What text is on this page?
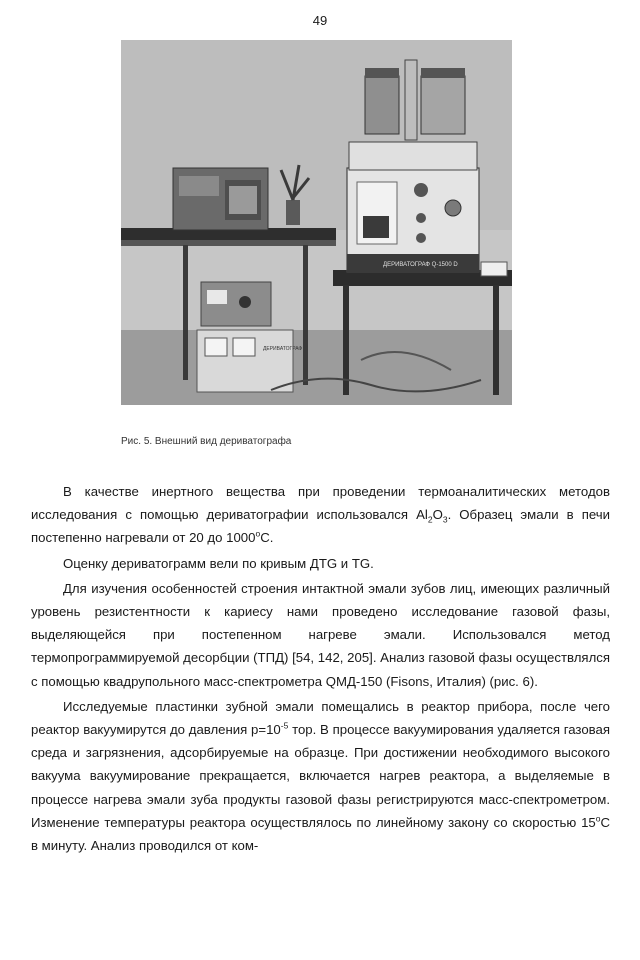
49
ДЕРИВАТОГРАФ
ДЕРИВАТОГРАФ Q-1500 D
Рис. 5. Внешний вид дериватографа

В качестве инертного вещества при проведении термоаналитических методов исследования с помощью дериватографии использовался $Al_2O_3$. Образец эмали в печи постепенно нагревали от 20 до 1000$^o$С.

Оценку дериватограмм вели по кривым ДTG и TG.

Для изучения особенностей строения интактной эмали зубов лиц, имеющих различный уровень резистентности к кариесу нами проведено исследование газовой фазы, выделяющейся при постепенном нагреве эмали. Использовался метод термопрограммируемой десорбции (ТПД) [54, 142, 205]. Анализ газовой фазы осуществлялся с помощью квадрупольного масс-спектрометра QMД-150 (Fisons, Италия) (рис. 6).

Исследуемые пластинки зубной эмали помещались в реактор прибора, после чего реактор вакуумирутся до давления $р=10^{-5}$ тор. В процессе вакуумирования удаляется газовая среда и загрязнения, адсорбируемые на образце. При достижении необходимого высокого вакуума вакуумирование прекращается, включается нагрев реактора, а выделяемые в процессе нагрева эмали зуба продукты газовой фазы регистрируются масс-спектрометром. Изменение температуры реактора осуществлялось по линейному закону со скоростью 15$^o$С в минуту. Анализ проводился от ком-
